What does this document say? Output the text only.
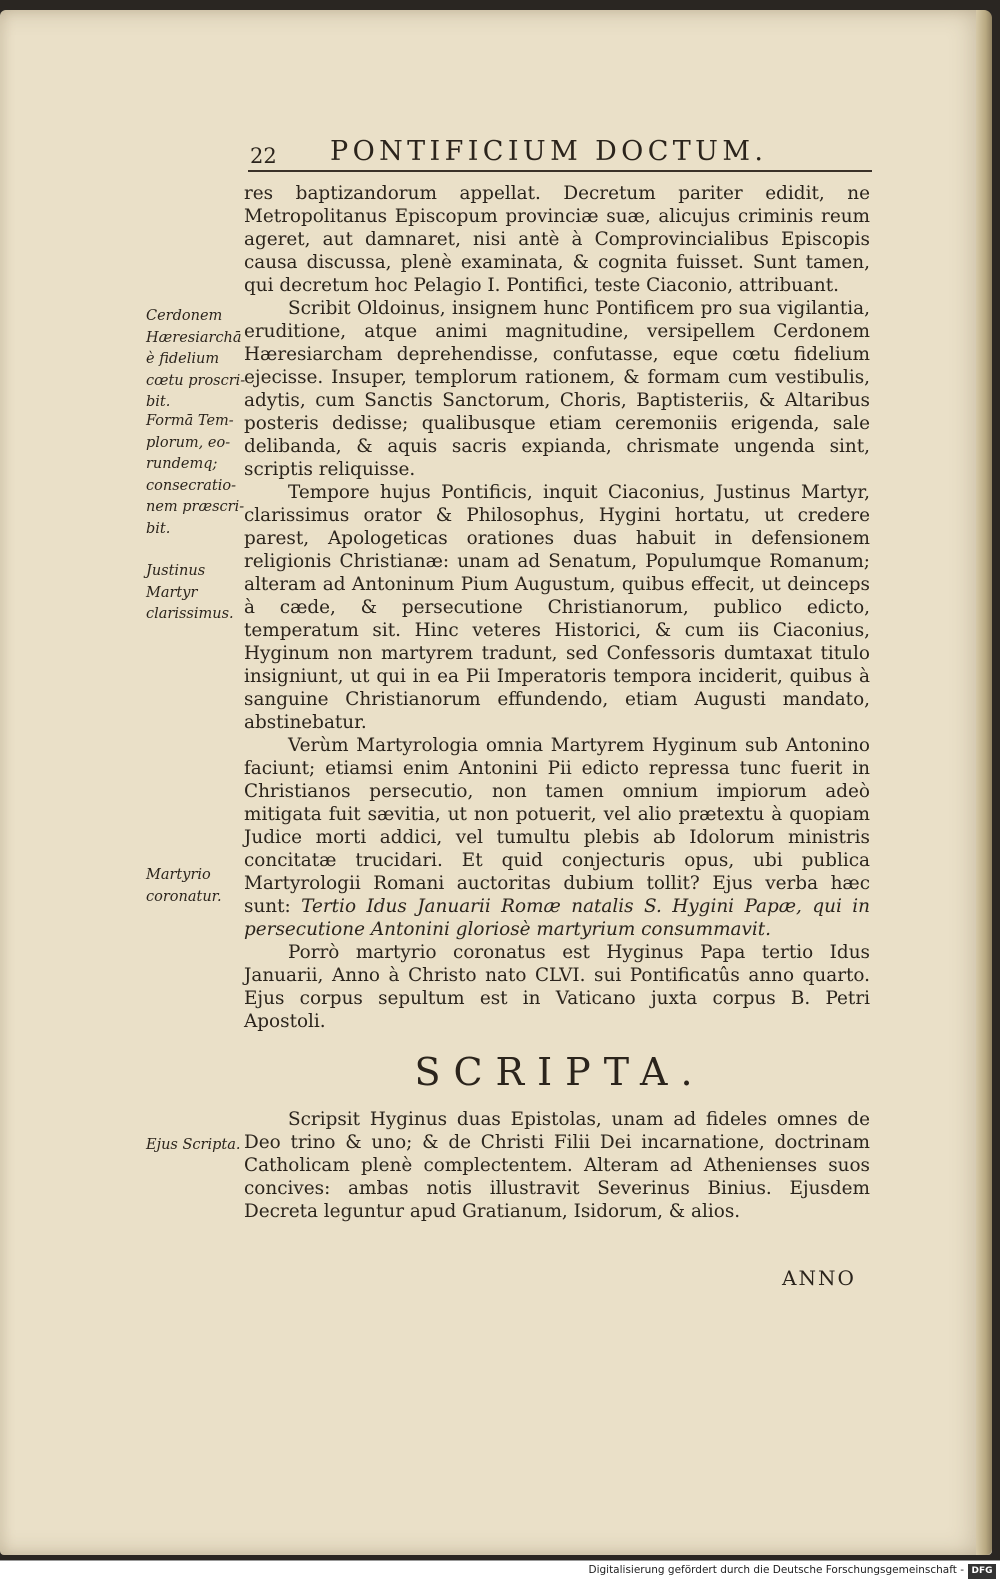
22 PONTIFICIUM DOCTUM.
Cerdonem
Hæresiarchā
è fidelium
cœtu proscri-
bit.
Formā Tem-
plorum, eo-
rundemq;
consecratio-
nem præscri-
bit.
Justinus
Martyr
clarissimus.
Martyrio
coronatur.
Ejus Scripta.

res baptizandorum appellat. Decretum pariter edidit, ne Metropolitanus Episcopum provinciæ suæ, alicujus criminis reum ageret, aut damnaret, nisi antè à Comprovincialibus Episcopis causa discussa, plenè examinata, & cognita fuisset. Sunt tamen, qui decretum hoc Pelagio I. Pontifici, teste Ciaconio, attribuant.

Scribit Oldoinus, insignem hunc Pontificem pro sua vigilantia, eruditione, atque animi magnitudine, versipellem Cerdonem Hæresiarcham deprehendisse, confutasse, eque cœtu fidelium ejecisse. Insuper, templorum rationem, & formam cum vestibulis, adytis, cum Sanctis Sanctorum, Choris, Baptisteriis, & Altaribus posteris dedisse; qualibusque etiam ceremoniis erigenda, sale delibanda, & aquis sacris expianda, chrismate ungenda sint, scriptis reliquisse.

Tempore hujus Pontificis, inquit Ciaconius, Justinus Martyr, clarissimus orator & Philosophus, Hygini hortatu, ut credere parest, Apologeticas orationes duas habuit in defensionem religionis Christianæ: unam ad Senatum, Populumque Romanum; alteram ad Antoninum Pium Augustum, quibus effecit, ut deinceps à cæde, & persecutione Christianorum, publico edicto, temperatum sit. Hinc veteres Historici, & cum iis Ciaconius, Hyginum non martyrem tradunt, sed Confessoris dumtaxat titulo insigniunt, ut qui in ea Pii Imperatoris tempora inciderit, quibus à sanguine Christianorum effundendo, etiam Augusti mandato, abstinebatur.

Verùm Martyrologia omnia Martyrem Hyginum sub Antonino faciunt; etiamsi enim Antonini Pii edicto repressa tunc fuerit in Christianos persecutio, non tamen omnium impiorum adeò mitigata fuit sævitia, ut non potuerit, vel alio prætextu à quopiam Judice morti addici, vel tumultu plebis ab Idolorum ministris concitatæ trucidari. Et quid conjecturis opus, ubi publica Martyrologii Romani auctoritas dubium tollit? Ejus verba hæc sunt: Tertio Idus Januarii Romæ natalis S. Hygini Papæ, qui in persecutione Antonini gloriosè martyrium consummavit.

Porrò martyrio coronatus est Hyginus Papa tertio Idus Januarii, Anno à Christo nato CLVI. sui Pontificatûs anno quarto. Ejus corpus sepultum est in Vaticano juxta corpus B. Petri Apostoli.

SCRIPTA.

Scripsit Hyginus duas Epistolas, unam ad fideles omnes de Deo trino & uno; & de Christi Filii Dei incarnatione, doctrinam Catholicam plenè complectentem. Alteram ad Athenienses suos concives: ambas notis illustravit Severinus Binius. Ejusdem Decreta leguntur apud Gratianum, Isidorum, & alios.

ANNO
Digitalisierung gefördert durch die Deutsche Forschungsgemeinschaft - DFG
